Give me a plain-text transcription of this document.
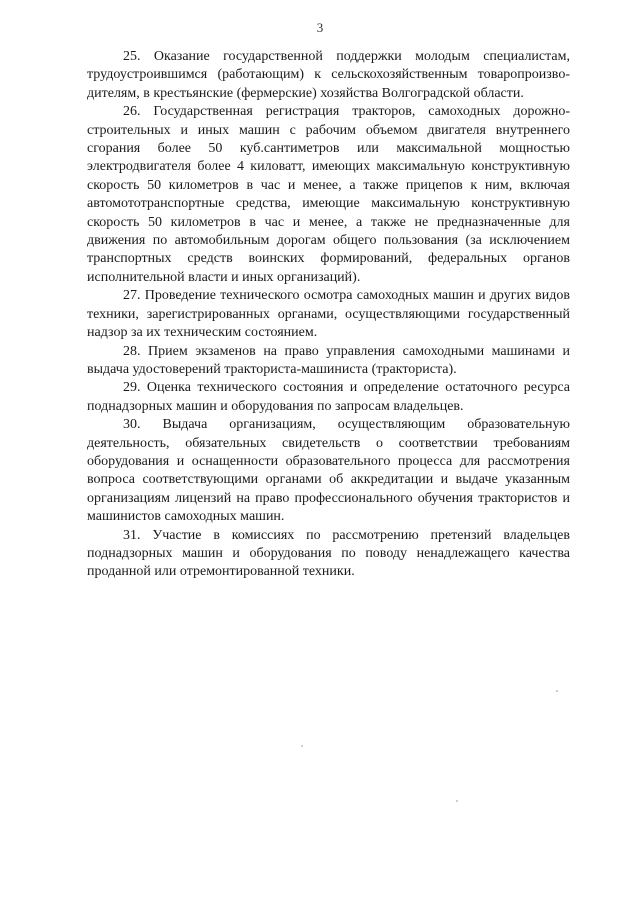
3

25. Оказание государственной поддержки молодым специалистам, трудоустроившимся (работающим) к сельскохозяйственным товаропроизводителям, в крестьянские (фермерские) хозяйства Волгоградской области.

26. Государственная регистрация тракторов, самоходных дорожно-строительных и иных машин с рабочим объемом двигателя внутреннего сгорания более 50 куб.сантиметров или максимальной мощностью электродвигателя более 4 киловатт, имеющих максимальную конструктивную скорость 50 километров в час и менее, а также прицепов к ним, включая автомототранспортные средства, имеющие максимальную конструктивную скорость 50 километров в час и менее, а также не предназначенные для движения по автомобильным дорогам общего пользования (за исключением транспортных средств воинских формирований, федеральных органов исполнительной власти и иных организаций).

27. Проведение технического осмотра самоходных машин и других видов техники, зарегистрированных органами, осуществляющими государственный надзор за их техническим состоянием.

28. Прием экзаменов на право управления самоходными машинами и выдача удостоверений тракториста-машиниста (тракториста).

29. Оценка технического состояния и определение остаточного ресурса поднадзорных машин и оборудования по запросам владельцев.

30. Выдача организациям, осуществляющим образовательную деятельность, обязательных свидетельств о соответствии требованиям оборудования и оснащенности образовательного процесса для рассмотрения вопроса соответствующими органами об аккредитации и выдаче указанным организациям лицензий на право профессионального обучения трактористов и машинистов самоходных машин.

31. Участие в комиссиях по рассмотрению претензий владельцев поднадзорных машин и оборудования по поводу ненадлежащего качества проданной или отремонтированной техники.
